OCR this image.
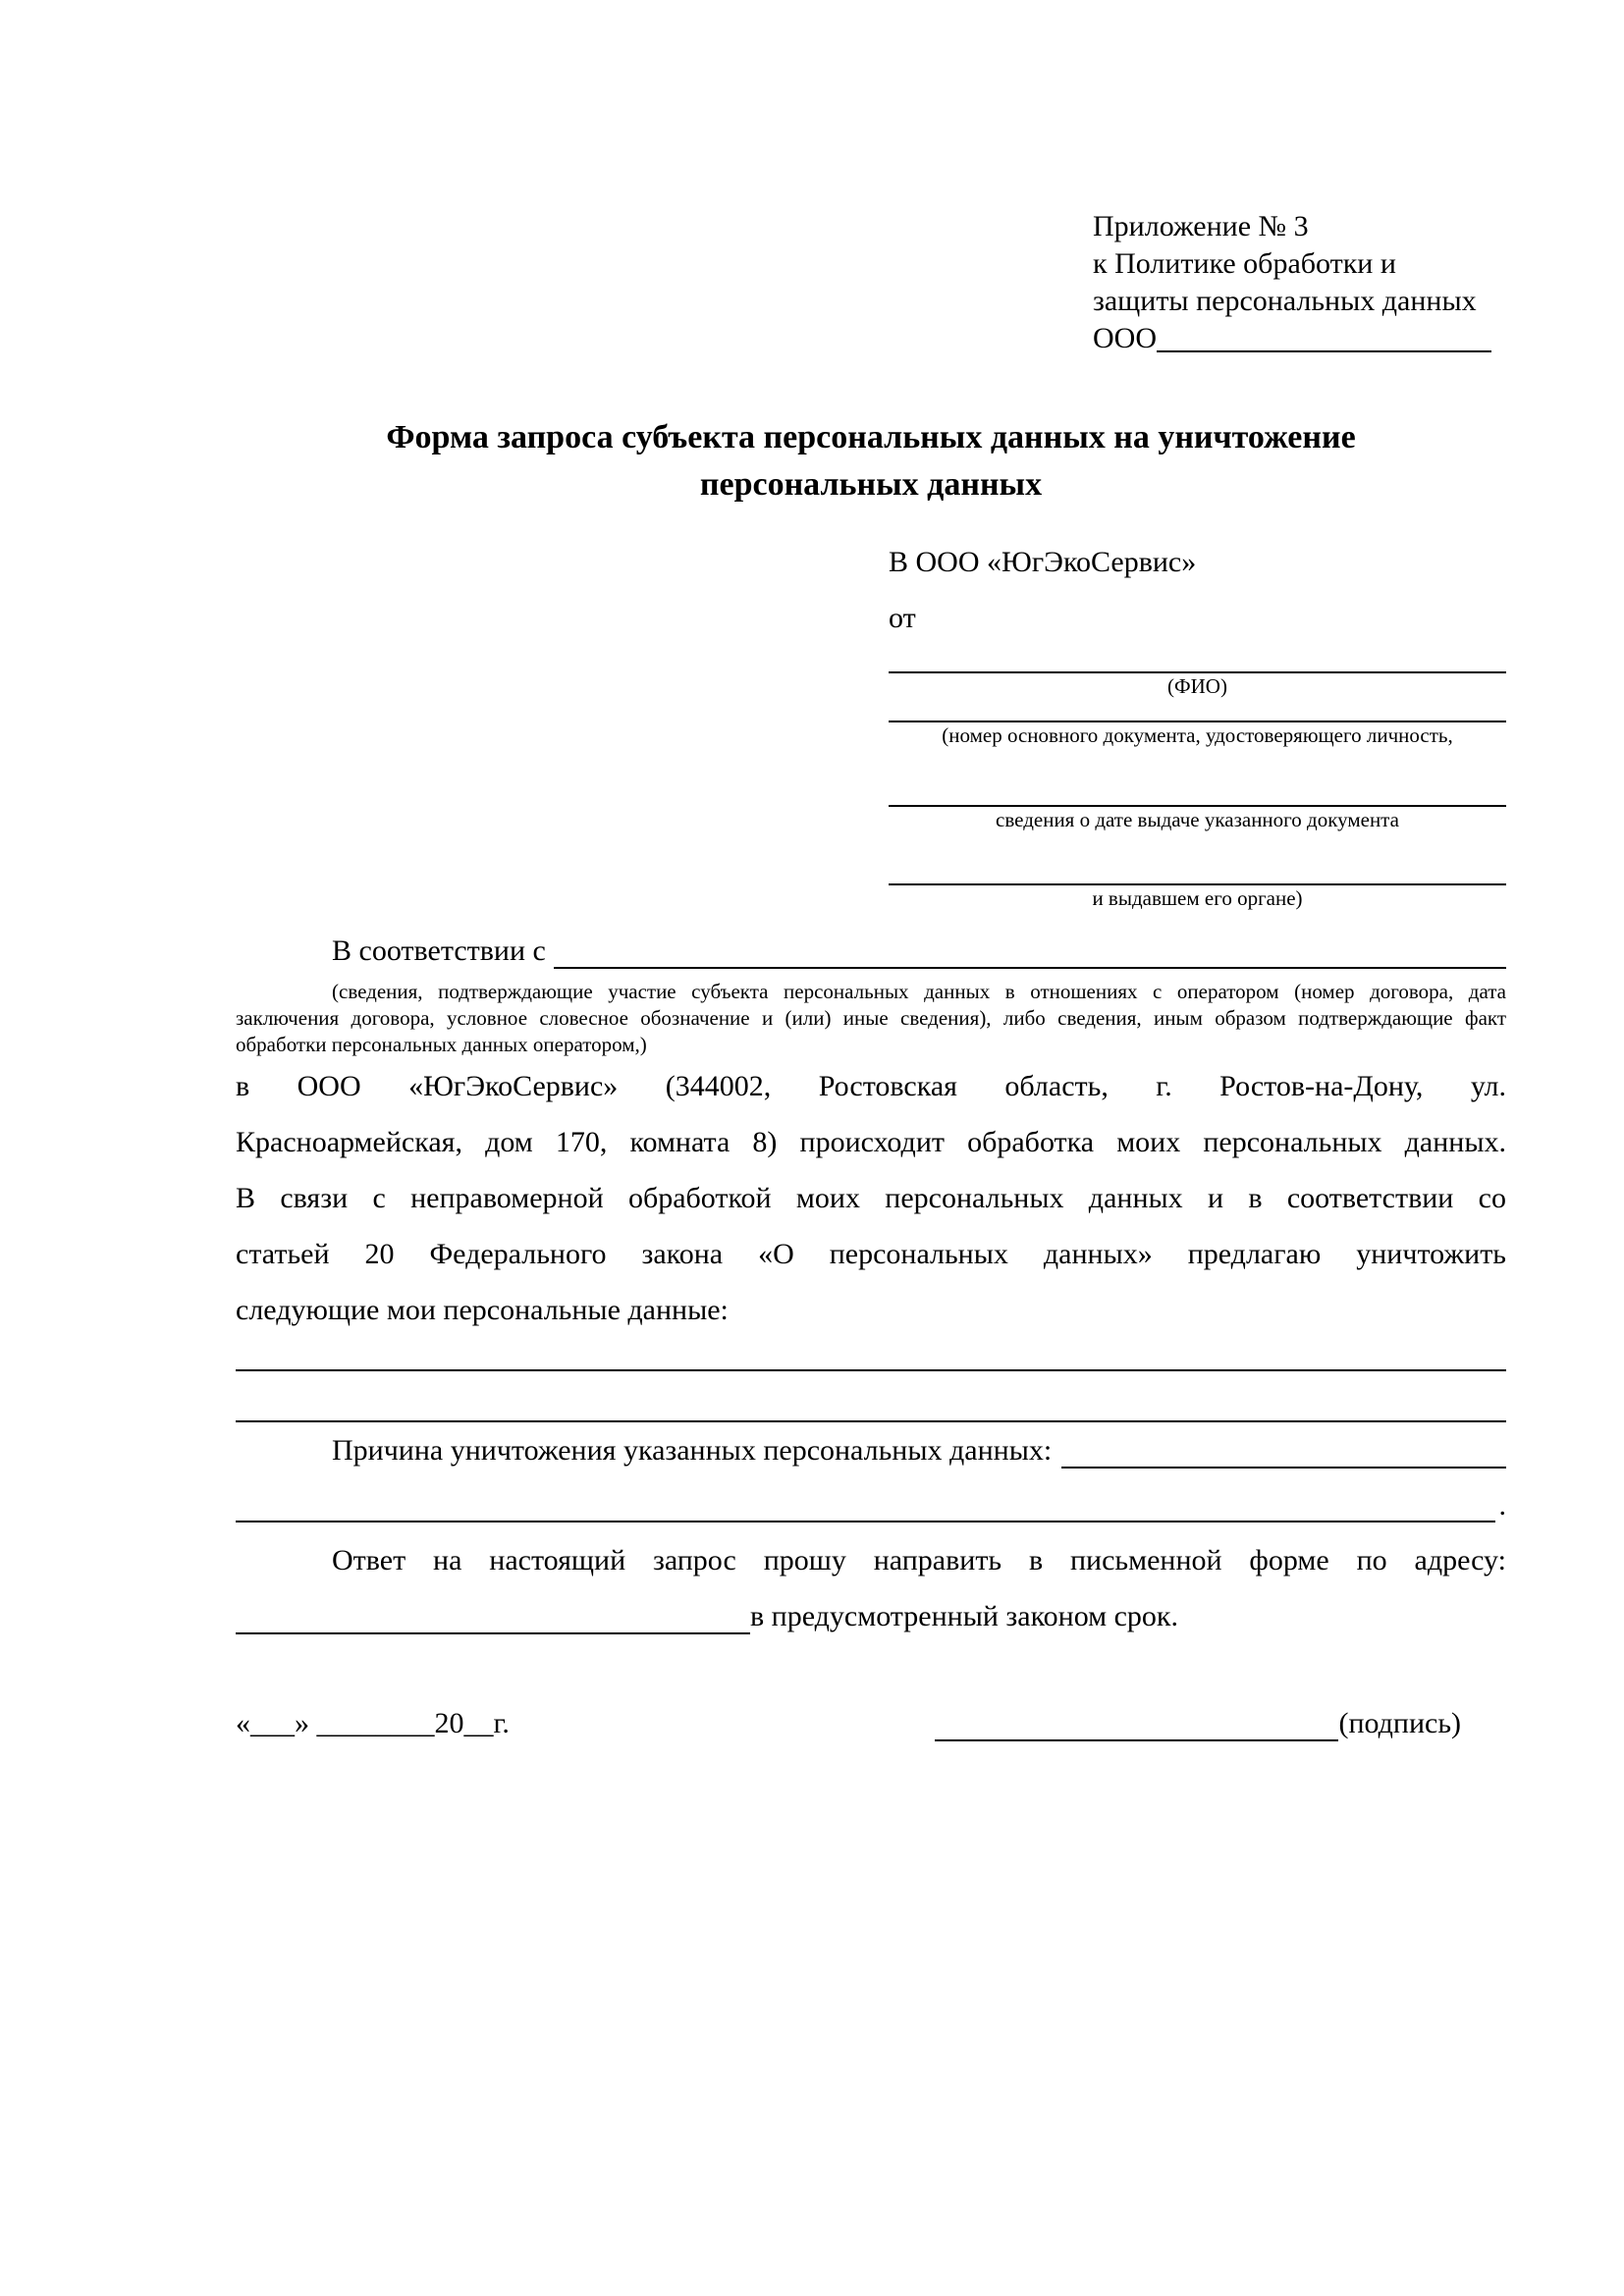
Приложение № 3
к Политике обработки и
защиты персональных данных
ООО
Форма запроса субъекта персональных данных на уничтожение персональных данных
В ООО «ЮгЭкоСервис»
от
(ФИО)
(номер основного документа, удостоверяющего личность,
сведения о дате выдаче указанного документа
и выдавшем его органе)
В соответствии с
(сведения, подтверждающие участие субъекта персональных данных в отношениях с оператором (номер договора, дата
заключения договора, условное словесное обозначение и (или) иные сведения), либо сведения, иным образом подтверждающие факт
обработки персональных данных оператором,)
в ООО «ЮгЭкоСервис» (344002, Ростовская область, г. Ростов-на-Дону, ул.
Красноармейская, дом 170, комната 8) происходит обработка моих персональных данных.
В связи с неправомерной обработкой моих персональных данных и в соответствии со
статьей 20 Федерального закона «О персональных данных» предлагаю уничтожить
следующие мои персональные данные:
Причина уничтожения указанных персональных данных:
.
Ответ на настоящий запрос прошу направить в письменной форме по адресу:
в предусмотренный законом срок.
«___» ________20__г.	(подпись)
